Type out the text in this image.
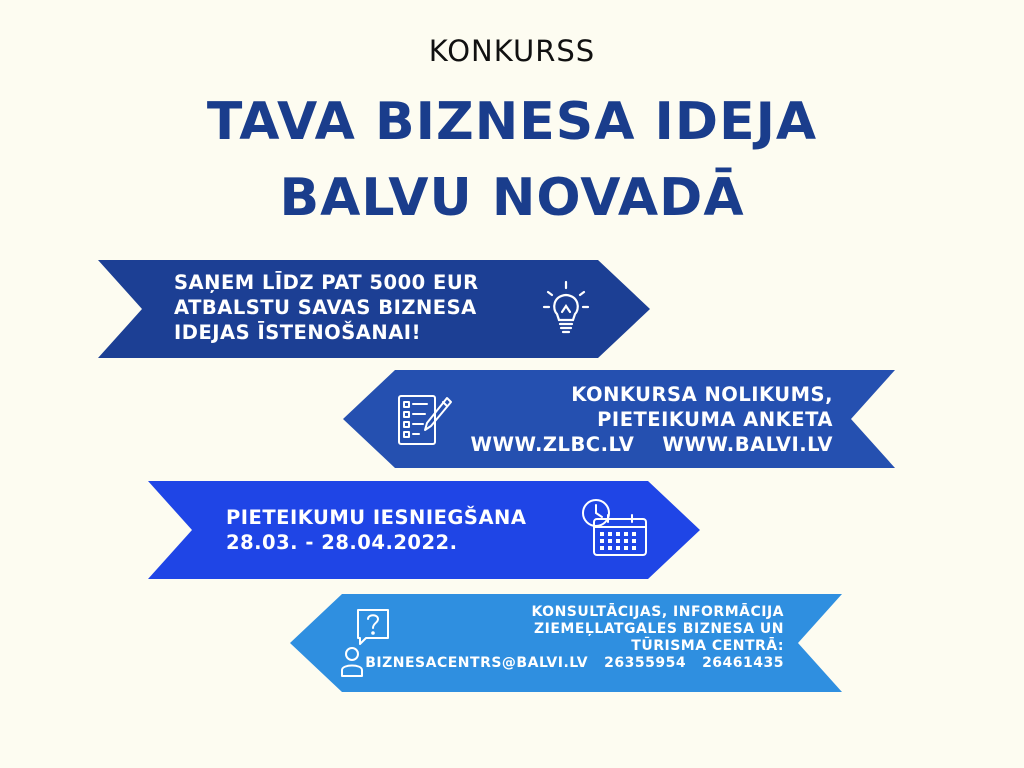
KONKURSS
TAVA BIZNESA IDEJA
BALVU NOVADĀ
SAŅEM LĪDZ PAT 5000 EUR
ATBALSTU SAVAS BIZNESA
IDEJAS ĪSTENOŠANAI!
KONKURSA NOLIKUMS,
PIETEIKUMA ANKETA
WWW.ZLBC.LV WWW.BALVI.LV
PIETEIKUMU IESNIEGŠANA
28.03. - 28.04.2022.
KONSULTĀCIJAS, INFORMĀCIJA
ZIEMEĻLATGALES BIZNESA UN
TŪRISMA CENTRĀ:
BIZNESACENTRS@BALVI.LV 26355954 26461435
